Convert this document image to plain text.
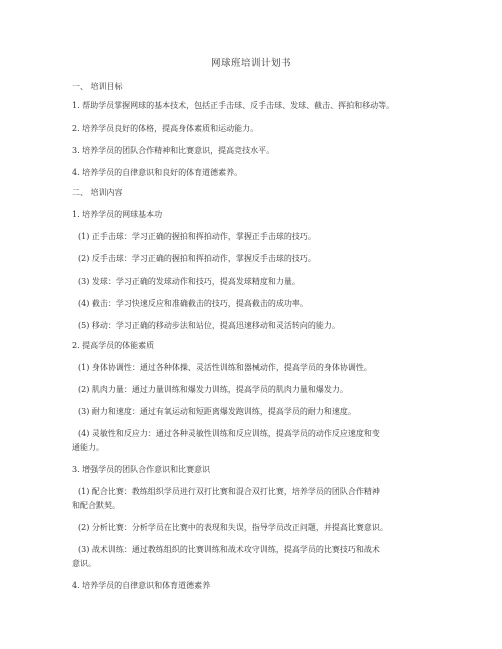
网球班培训计划书
一、 培训目标
1. 帮助学员掌握网球的基本技术，包括正手击球、反手击球、发球、截击、挥拍和移动等。
2. 培养学员良好的体格，提高身体素质和运动能力。
3. 培养学员的团队合作精神和比赛意识，提高竞技水平。
4. 培养学员的自律意识和良好的体育道德素养。
二、 培训内容
1. 培养学员的网球基本功
(1) 正手击球：学习正确的握拍和挥拍动作，掌握正手击球的技巧。
(2) 反手击球：学习正确的握拍和挥拍动作，掌握反手击球的技巧。
(3) 发球：学习正确的发球动作和技巧，提高发球精度和力量。
(4) 截击：学习快速反应和准确截击的技巧，提高截击的成功率。
(5) 移动：学习正确的移动步法和站位，提高迅速移动和灵活转向的能力。
2. 提高学员的体能素质
(1) 身体协调性：通过各种体操、灵活性训练和器械动作，提高学员的身体协调性。
(2) 肌肉力量：通过力量训练和爆发力训练，提高学员的肌肉力量和爆发力。
(3) 耐力和速度：通过有氧运动和短距离爆发跑训练，提高学员的耐力和速度。
(4) 灵敏性和反应力：通过各种灵敏性训练和反应训练，提高学员的动作反应速度和变
通能力。
3. 增强学员的团队合作意识和比赛意识
(1) 配合比赛：教练组织学员进行双打比赛和混合双打比赛，培养学员的团队合作精神
和配合默契。
(2) 分析比赛：分析学员在比赛中的表现和失误，指导学员改正问题，并提高比赛意识。
(3) 战术训练：通过教练组织的比赛训练和战术攻守训练，提高学员的比赛技巧和战术
意识。
4. 培养学员的自律意识和体育道德素养
